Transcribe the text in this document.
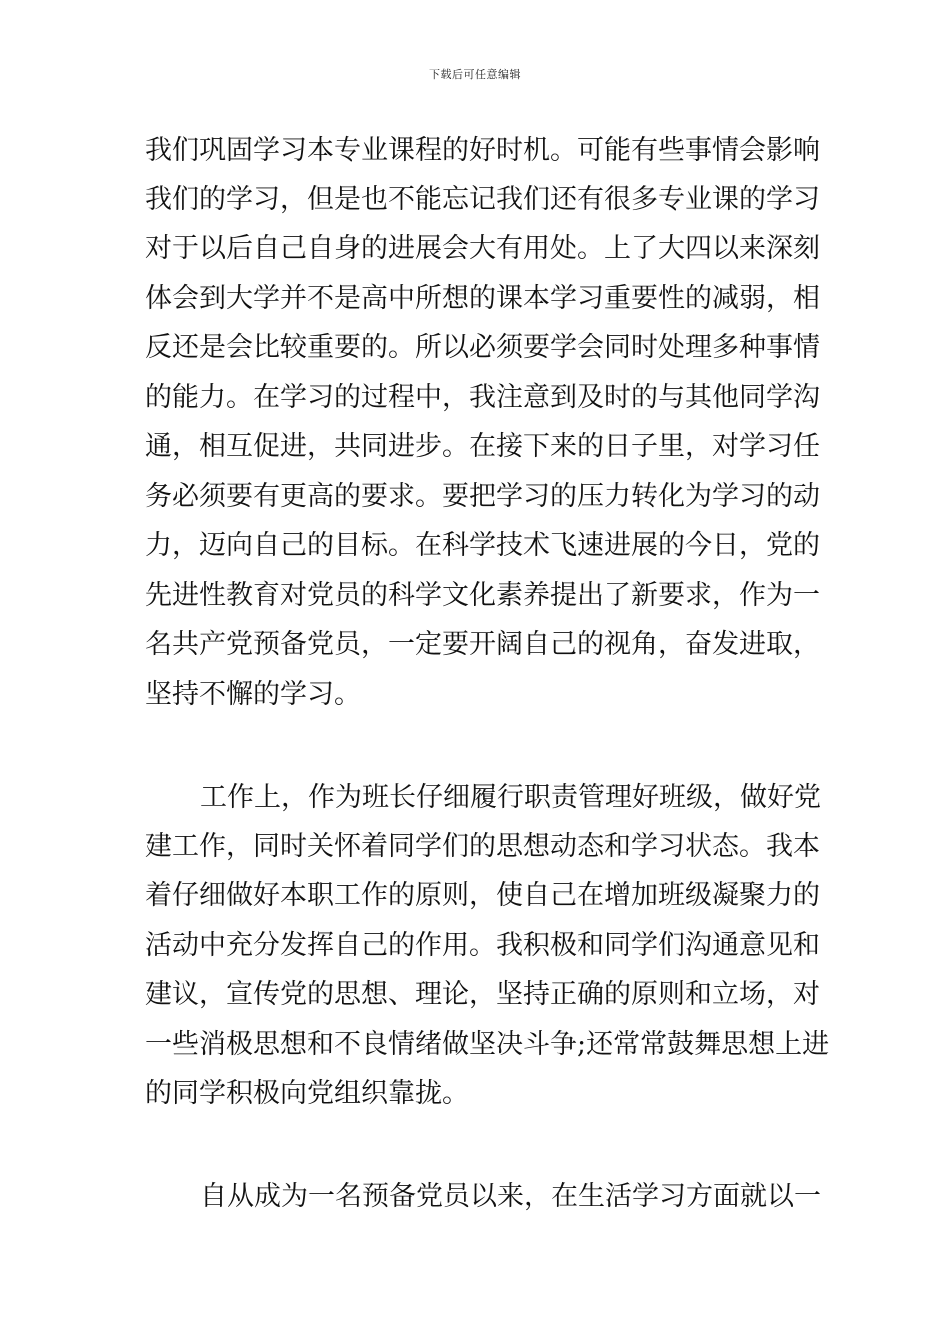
下载后可任意编辑
我们巩固学习本专业课程的好时机。可能有些事情会影响
我们的学习，但是也不能忘记我们还有很多专业课的学习
对于以后自己自身的进展会大有用处。上了大四以来深刻
体会到大学并不是高中所想的课本学习重要性的减弱，相
反还是会比较重要的。所以必须要学会同时处理多种事情
的能力。在学习的过程中，我注意到及时的与其他同学沟
通，相互促进，共同进步。在接下来的日子里，对学习任
务必须要有更高的要求。要把学习的压力转化为学习的动
力，迈向自己的目标。在科学技术飞速进展的今日，党的
先进性教育对党员的科学文化素养提出了新要求，作为一
名共产党预备党员，一定要开阔自己的视角，奋发进取，
坚持不懈的学习。
工作上，作为班长仔细履行职责管理好班级，做好党
建工作，同时关怀着同学们的思想动态和学习状态。我本
着仔细做好本职工作的原则，使自己在增加班级凝聚力的
活动中充分发挥自己的作用。我积极和同学们沟通意见和
建议，宣传党的思想、理论，坚持正确的原则和立场，对
一些消极思想和不良情绪做坚决斗争;还常常鼓舞思想上进
的同学积极向党组织靠拢。
自从成为一名预备党员以来，在生活学习方面就以一
